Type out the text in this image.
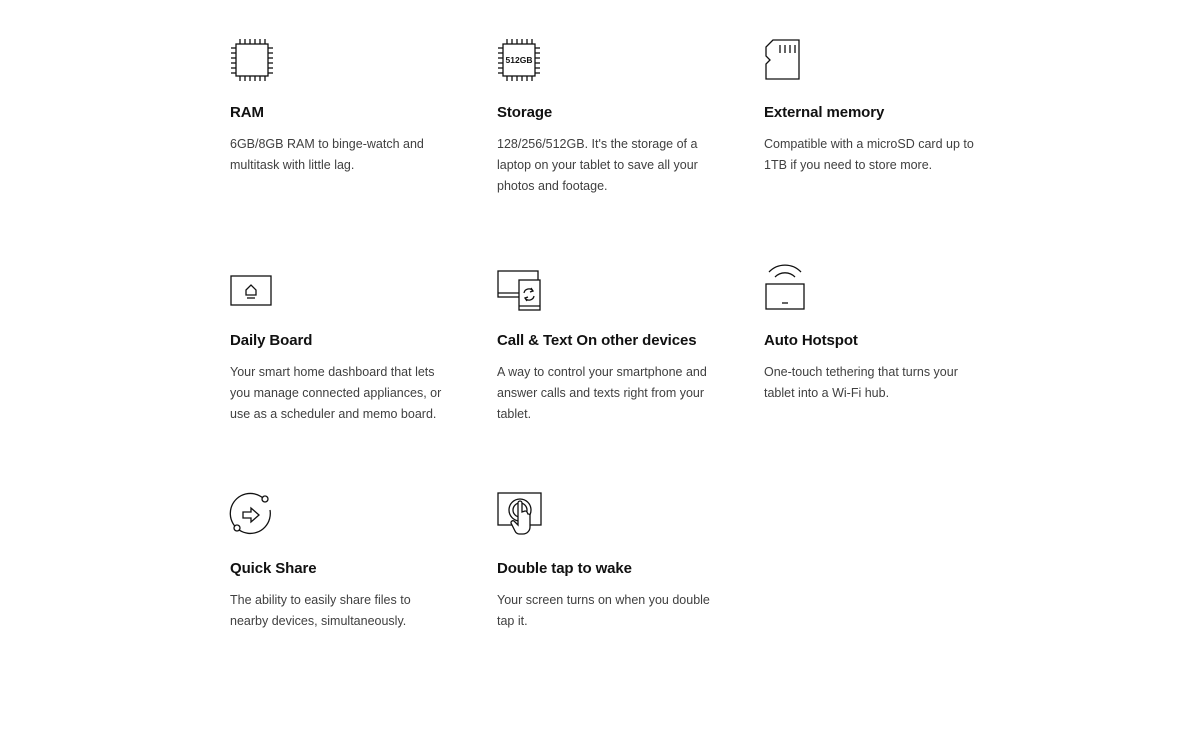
RAM
6GB/8GB RAM to binge-watch and multitask with little lag.
512GB
Storage
128/256/512GB. It's the storage of a laptop on your tablet to save all your photos and footage.
External memory
Compatible with a microSD card up to 1TB if you need to store more.
Daily Board
Your smart home dashboard that lets you manage connected appliances, or use as a scheduler and memo board.
Call & Text On other devices
A way to control your smartphone and answer calls and texts right from your tablet.
Auto Hotspot
One-touch tethering that turns your tablet into a Wi-Fi hub.
Quick Share
The ability to easily share files to nearby devices, simultaneously.
Double tap to wake
Your screen turns on when you double tap it.
